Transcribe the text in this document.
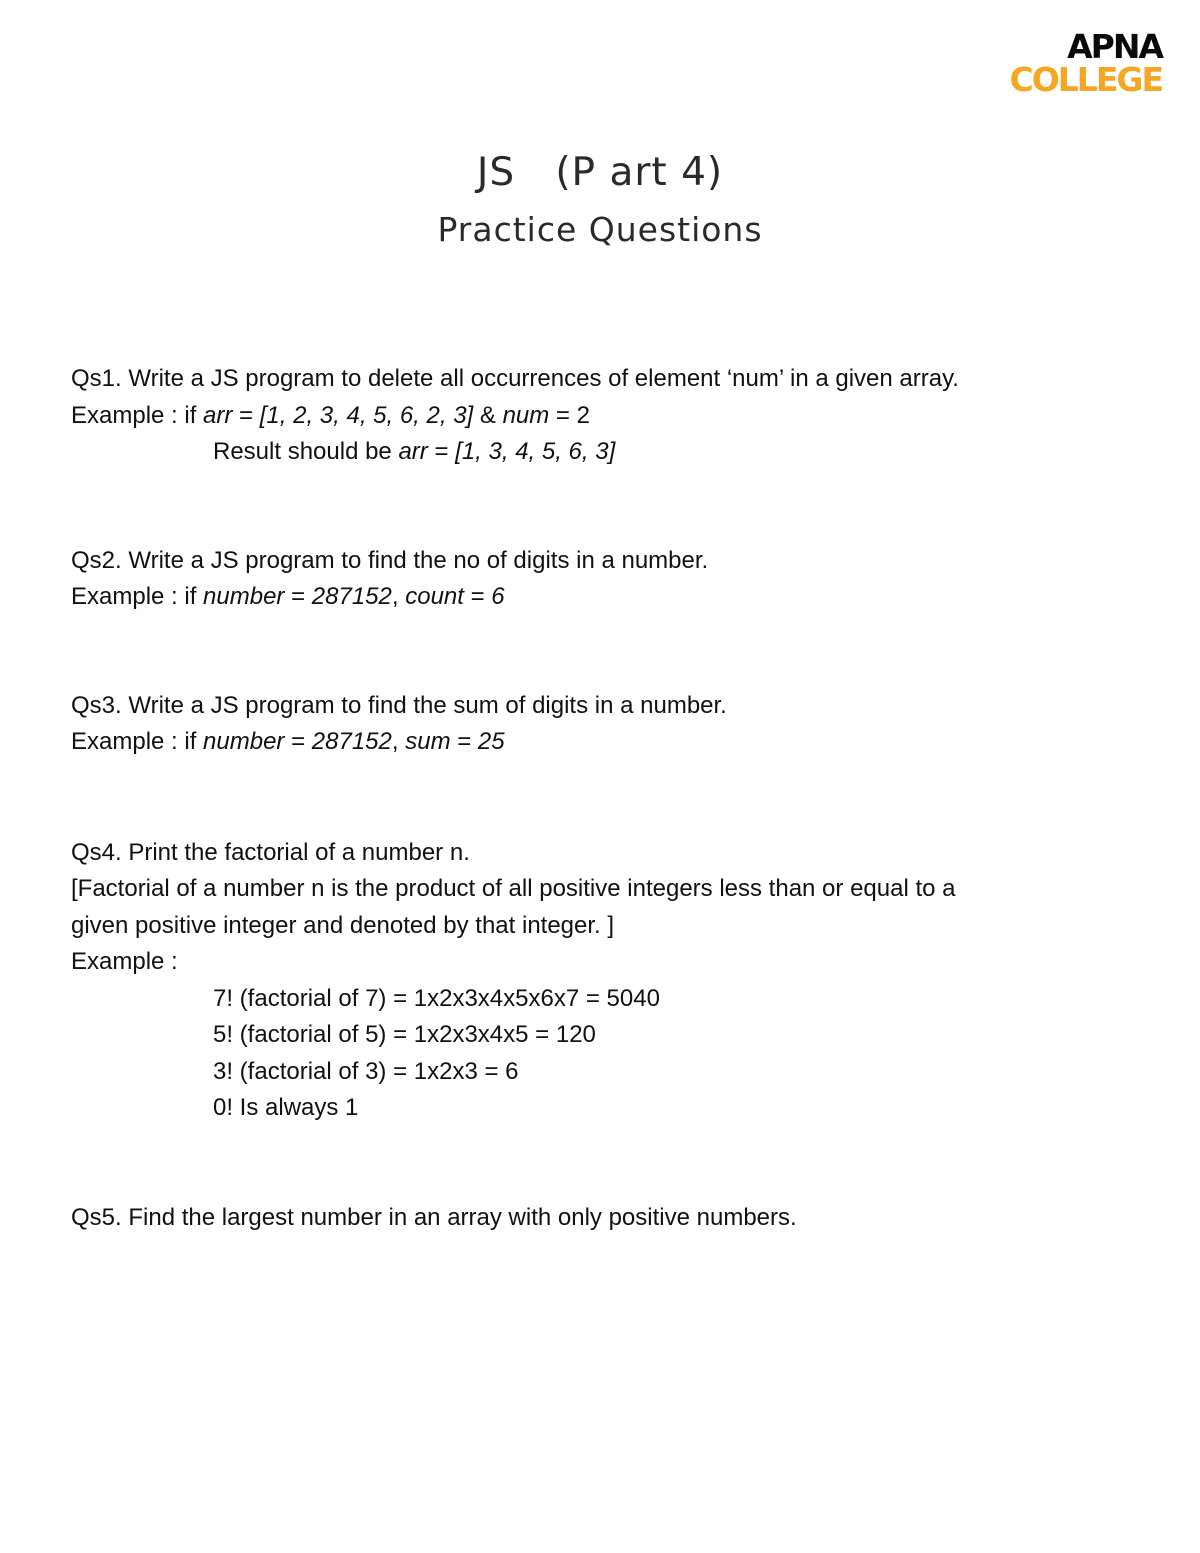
APNA
COLLEGE
JS   (P art 4)
Practice Questions
Qs1. Write a JS program to delete all occurrences of element ‘num’ in a given array.
Example : if arr = [1, 2, 3, 4, 5, 6, 2, 3] & num = 2
Result should be arr = [1, 3, 4, 5, 6, 3]
Qs2. Write a JS program to find the no of digits in a number.
Example : if number = 287152, count = 6
Qs3. Write a JS program to find the sum of digits in a number.
Example : if number = 287152, sum = 25
Qs4. Print the factorial of a number n.
[Factorial of a number n is the product of all positive integers less than or equal to a
given positive integer and denoted by that integer. ]
Example :
7! (factorial of 7) = 1x2x3x4x5x6x7 = 5040
5! (factorial of 5) = 1x2x3x4x5 = 120
3! (factorial of 3) = 1x2x3 = 6
0! Is always 1
Qs5. Find the largest number in an array with only positive numbers.
